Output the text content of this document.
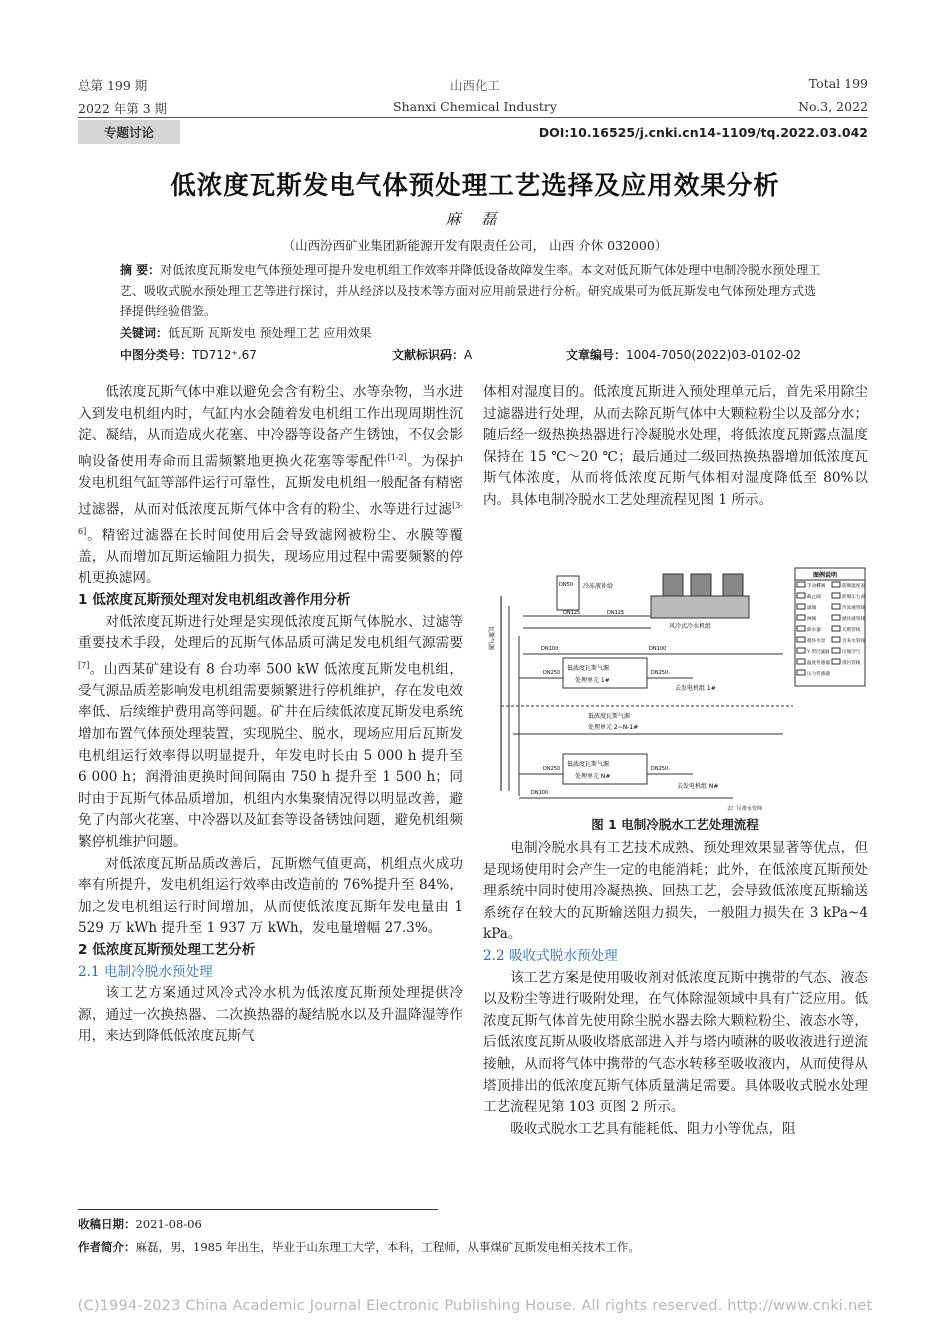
总第 199 期
2022 年第 3 期
山西化工
Shanxi Chemical Industry
Total 199
No.3, 2022
专题讨论	DOI:10.16525/j.cnki.cn14-1109/tq.2022.03.042
低浓度瓦斯发电气体预处理工艺选择及应用效果分析
麻 磊
（山西汾西矿业集团新能源开发有限责任公司， 山西 介休 032000）
摘 要：对低浓度瓦斯发电气体预处理可提升发电机组工作效率并降低设备故障发生率。本文对低瓦斯气体处理中电制冷脱水预处理工艺、吸收式脱水预处理工艺等进行探讨，并从经济以及技术等方面对应用前景进行分析。研究成果可为低瓦斯发电气体预处理方式选择提供经验借鉴。
关键词：低瓦斯 瓦斯发电 预处理工艺 应用效果
中图分类号：TD712⁺.67	文献标识码：A	文章编号：1004-7050(2022)03-0102-02

低浓度瓦斯气体中难以避免会含有粉尘、水等杂物，当水进入到发电机组内时，气缸内水会随着发电机组工作出现周期性沉淀、凝结，从而造成火花塞、中冷器等设备产生锈蚀，不仅会影响设备使用寿命而且需频繁地更换火花塞等零配件[1-2]。为保护发电机组气缸等部件运行可靠性，瓦斯发电机组一般配备有精密过滤器，从而对低浓度瓦斯气体中含有的粉尘、水等进行过滤[3-6]。精密过滤器在长时间使用后会导致滤网被粉尘、水膜等覆盖，从而增加瓦斯运输阻力损失，现场应用过程中需要频繁的停机更换滤网。

1 低浓度瓦斯预处理对发电机组改善作用分析

对低浓度瓦斯进行处理是实现低浓度瓦斯气体脱水、过滤等重要技术手段，处理后的瓦斯气体品质可满足发电机组气源需要[7]。山西某矿建设有 8 台功率 500 kW 低浓度瓦斯发电机组，受气源品质差影响发电机组需要频繁进行停机维护，存在发电效率低、后续维护费用高等问题。矿井在后续低浓度瓦斯发电系统增加布置气体预处理装置，实现脱尘、脱水，现场应用后瓦斯发电机组运行效率得以明显提升，年发电时长由 5 000 h 提升至 6 000 h；润滑油更换时间间隔由 750 h 提升至 1 500 h；同时由于瓦斯气体品质增加，机组内水集聚情况得以明显改善，避免了内部火花塞、中冷器以及缸套等设备锈蚀问题，避免机组频繁停机维护问题。

对低浓度瓦斯品质改善后，瓦斯燃气值更高，机组点火成功率有所提升，发电机组运行效率由改造前的 76%提升至 84%，加之发电机组运行时间增加，从而使低浓度瓦斯年发电量由 1 529 万 kWh 提升至 1 937 万 kWh，发电量增幅 27.3%。

2 低浓度瓦斯预处理工艺分析

2.1 电制冷脱水预处理

该工艺方案通过风冷式冷水机为低浓度瓦斯预处理提供冷源，通过一次换热器、二次换热器的凝结脱水以及升温降湿等作用，来达到降低低浓度瓦斯气

体相对湿度目的。低浓度瓦斯进入预处理单元后，首先采用除尘过滤器进行处理，从而去除瓦斯气体中大颗粒粉尘以及部分水；随后经一级热换热器进行冷凝脱水处理，将低浓度瓦斯露点温度保持在 15 ℃～20 ℃；最后通过二级回热换热器增加低浓度瓦斯气体浓度，从而将低浓度瓦斯气体相对湿度降低至 80%以内。具体电制冷脱水工艺处理流程见图 1 所示。

瓦斯气源
DN50 冷冻液补给
风冷式冷水机组
DN125	DN125
DN100	DN100
低浓度瓦斯气源
处理单元 1#
DN250	DN250
去发电机组 1#
低浓度瓦斯气源
处理单元 2~N-1#
低浓度瓦斯气源
处理单元 N#
DN250	DN250
去发电机组 N#
DN100
去厂区排水管网
图例说明
手动蝶阀
截止阀
球阀
闸阀
除水器
循环水泵
Y 型过滤器
温度传感器
压力传感器
防爆温度表
防爆压力表
冷冻液管线
循环液管线
瓦斯管线
自来水管线
压缩空气
排污管线
图 1 电制冷脱水工艺处理流程

电制冷脱水具有工艺技术成熟、预处理效果显著等优点，但是现场使用时会产生一定的电能消耗；此外，在低浓度瓦斯预处理系统中同时使用冷凝热换、回热工艺，会导致低浓度瓦斯输送系统存在较大的瓦斯输送阻力损失，一般阻力损失在 3 kPa~4 kPa。

2.2 吸收式脱水预处理

该工艺方案是使用吸收剂对低浓度瓦斯中携带的气态、液态以及粉尘等进行吸附处理，在气体除湿领域中具有广泛应用。低浓度瓦斯气体首先使用除尘脱水器去除大颗粒粉尘、液态水等，后低浓度瓦斯从吸收塔底部进入并与塔内喷淋的吸收液进行逆流接触，从而将气体中携带的气态水转移至吸收液内，从而使得从塔顶排出的低浓度瓦斯气体质量满足需要。具体吸收式脱水处理工艺流程见第 103 页图 2 所示。

吸收式脱水工艺具有能耗低、阻力小等优点，阻

收稿日期：2021-08-06
作者简介：麻磊，男，1985 年出生，毕业于山东理工大学，本科，工程师，从事煤矿瓦斯发电相关技术工作。
(C)1994-2023 China Academic Journal Electronic Publishing House. All rights reserved. http://www.cnki.net
